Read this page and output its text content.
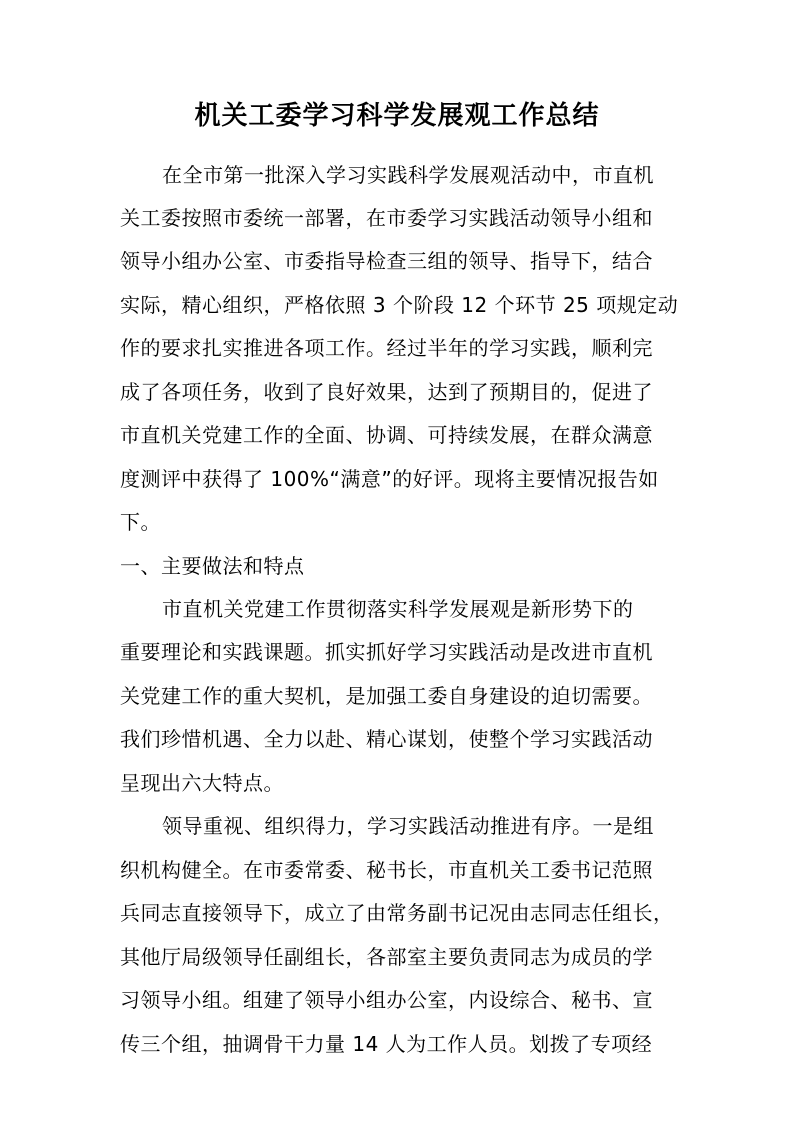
机关工委学习科学发展观工作总结
在全市第一批深入学习实践科学发展观活动中，市直机
关工委按照市委统一部署，在市委学习实践活动领导小组和
领导小组办公室、市委指导检查三组的领导、指导下，结合
实际，精心组织，严格依照 3 个阶段 12 个环节 25 项规定动
作的要求扎实推进各项工作。经过半年的学习实践，顺利完
成了各项任务，收到了良好效果，达到了预期目的，促进了
市直机关党建工作的全面、协调、可持续发展，在群众满意
度测评中获得了 100%“满意”的好评。现将主要情况报告如
下。
一、主要做法和特点
市直机关党建工作贯彻落实科学发展观是新形势下的
重要理论和实践课题。抓实抓好学习实践活动是改进市直机
关党建工作的重大契机，是加强工委自身建设的迫切需要。
我们珍惜机遇、全力以赴、精心谋划，使整个学习实践活动
呈现出六大特点。
领导重视、组织得力，学习实践活动推进有序。一是组
织机构健全。在市委常委、秘书长，市直机关工委书记范照
兵同志直接领导下，成立了由常务副书记况由志同志任组长，
其他厅局级领导任副组长，各部室主要负责同志为成员的学
习领导小组。组建了领导小组办公室，内设综合、秘书、宣
传三个组，抽调骨干力量 14 人为工作人员。划拨了专项经
